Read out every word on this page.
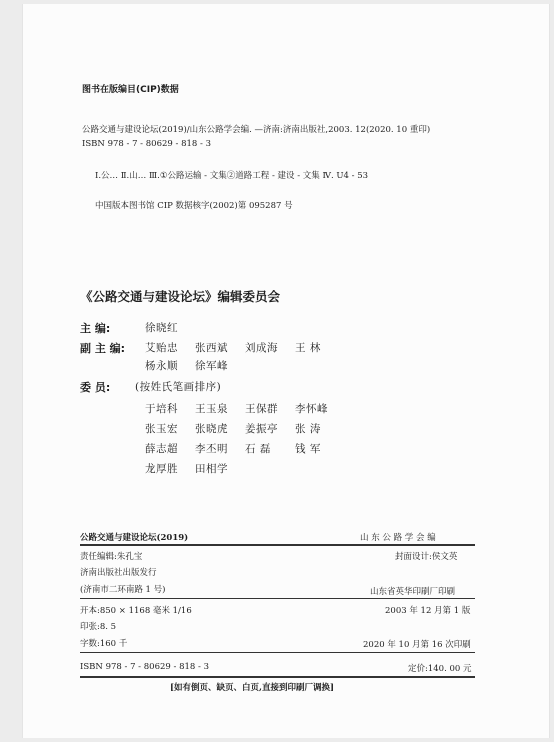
图书在版编目(CIP)数据
公路交通与建设论坛(2019)/山东公路学会编. —济南:济南出版社,2003. 12(2020. 10 重印)
ISBN 978 - 7 - 80629 - 818 - 3
Ⅰ.公… Ⅱ.山… Ⅲ.①公路运输 - 文集②道路工程 - 建设 - 文集 Ⅳ. U4 - 53
中国版本图书馆 CIP 数据核字(2002)第 095287 号
《公路交通与建设论坛》编辑委员会
主 编:	徐晓红
副 主 编: 艾贻忠 张西斌 刘成海 王 林
杨永顺 徐军峰
委 员: (按姓氏笔画排序)
于培科 王玉泉 王保群 李怀峰
张玉宏 张晓虎 姜振亭 张 涛
薛志超 李丕明 石 磊 钱 军
龙厚胜 田相学
公路交通与建设论坛(2019)	山 东 公 路 学 会 编
责任编辑:朱孔宝	封面设计:侯文英
济南出版社出版发行
(济南市二环南路 1 号)	山东省英华印刷厂印刷
开本:850 × 1168 毫米 1/16	2003 年 12 月第 1 版
印张:8. 5
字数:160 千	2020 年 10 月第 16 次印刷
ISBN 978 - 7 - 80629 - 818 - 3	定价:140. 00 元
[如有倒页、缺页、白页,直接到印刷厂调换]
